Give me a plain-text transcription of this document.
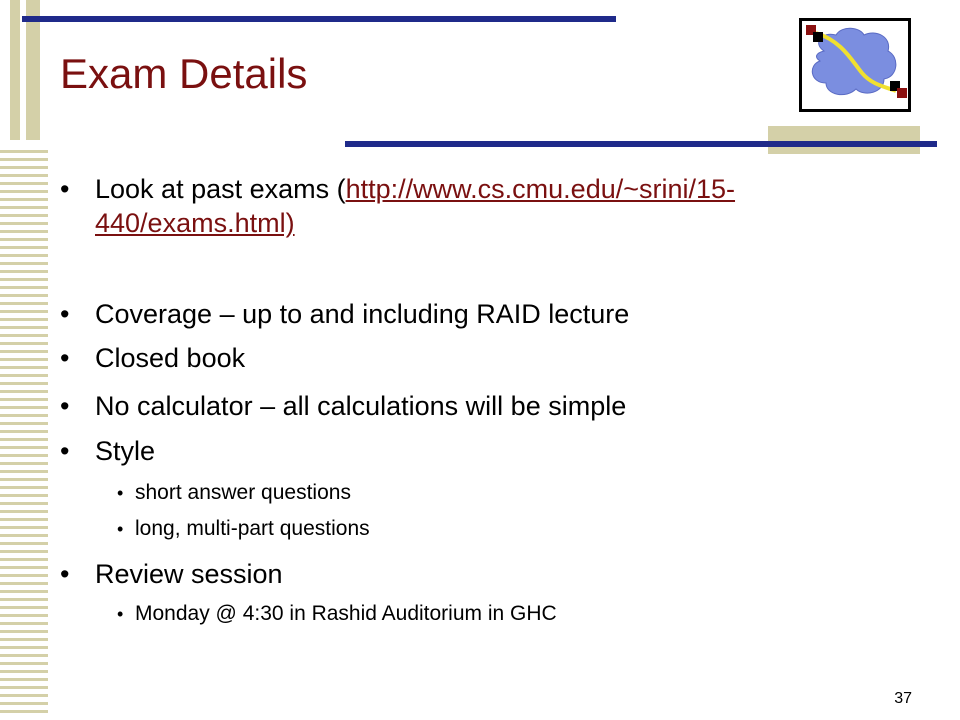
Exam Details
• Look at past exams (http://www.cs.cmu.edu/~srini/15-
440/exams.html)
• Coverage – up to and including RAID lecture
• Closed book
• No calculator – all calculations will be simple
• Style
• short answer questions
• long, multi-part questions
• Review session
• Monday @ 4:30 in Rashid Auditorium in GHC
37
